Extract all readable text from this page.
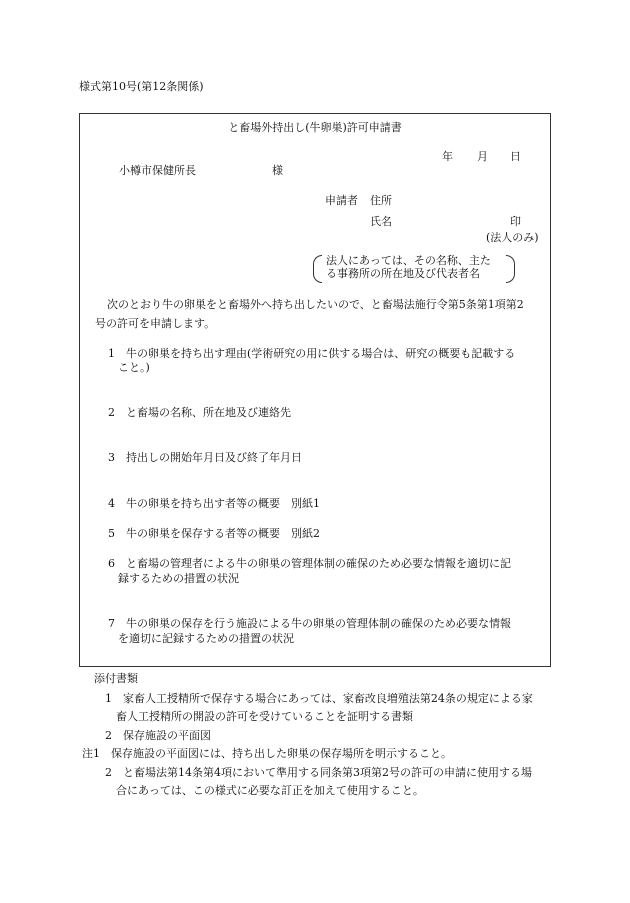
様式第10号(第12条関係)
と畜場外持出し(牛卵巣)許可申請書
年 月 日
小樽市保健所長	様
申請者 住所
氏名	印
(法人のみ)
法人にあっては、その名称、主た
る事務所の所在地及び代表者名
次のとおり牛の卵巣をと畜場外へ持ち出したいので、と畜場法施行令第5条第1項第2
号の許可を申請します。
1　牛の卵巣を持ち出す理由(学術研究の用に供する場合は、研究の概要も記載する
こと。)
2　と畜場の名称、所在地及び連絡先
3　持出しの開始年月日及び終了年月日
4　牛の卵巣を持ち出す者等の概要　別紙1
5　牛の卵巣を保存する者等の概要　別紙2
6　と畜場の管理者による牛の卵巣の管理体制の確保のため必要な情報を適切に記
録するための措置の状況
7　牛の卵巣の保存を行う施設による牛の卵巣の管理体制の確保のため必要な情報
を適切に記録するための措置の状況
添付書類
1　家畜人工授精所で保存する場合にあっては、家畜改良増殖法第24条の規定による家
畜人工授精所の開設の許可を受けていることを証明する書類
2　保存施設の平面図
注1　保存施設の平面図には、持ち出した卵巣の保存場所を明示すること。
2　と畜場法第14条第4項において準用する同条第3項第2号の許可の申請に使用する場
合にあっては、この様式に必要な訂正を加えて使用すること。
